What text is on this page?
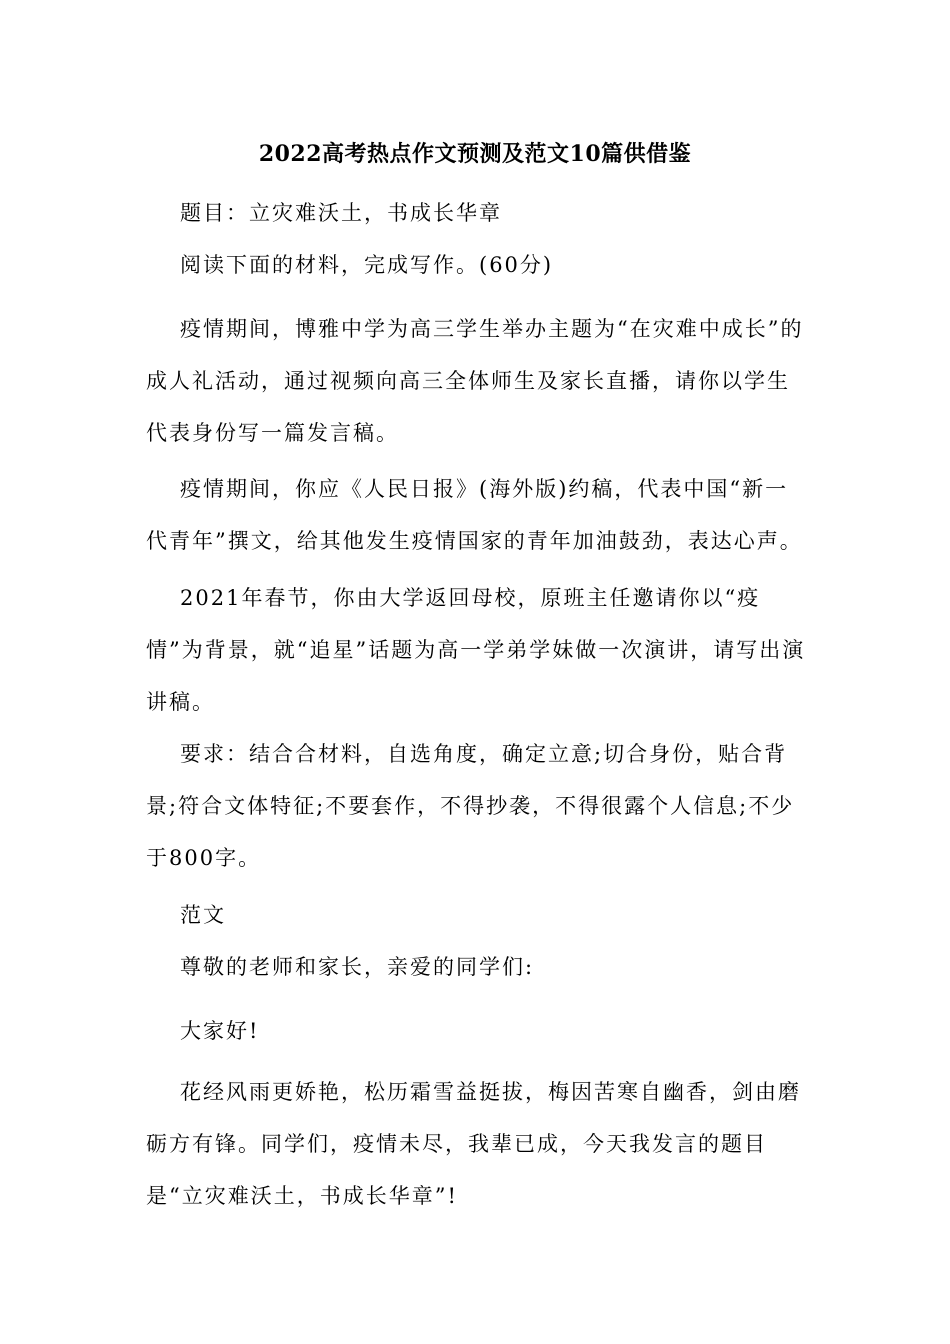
2022高考热点作文预测及范文10篇供借鉴
题目：立灾难沃土，书成长华章
阅读下面的材料，完成写作。(60分)
疫情期间，博雅中学为高三学生举办主题为“在灾难中成长”的成人礼活动，通过视频向高三全体师生及家长直播，请你以学生代表身份写一篇发言稿。
疫情期间，你应《人民日报》(海外版)约稿，代表中国“新一代青年”撰文，给其他发生疫情国家的青年加油鼓劲，表达心声。
2021年春节，你由大学返回母校，原班主任邀请你以“疫情”为背景，就“追星”话题为高一学弟学妹做一次演讲，请写出演讲稿。
要求：结合合材料，自选角度，确定立意;切合身份，贴合背景;符合文体特征;不要套作，不得抄袭，不得很露个人信息;不少于800字。
范文
尊敬的老师和家长，亲爱的同学们:
大家好!
花经风雨更娇艳，松历霜雪益挺拔，梅因苦寒自幽香，剑由磨砺方有锋。同学们，疫情未尽，我辈已成，今天我发言的题目是“立灾难沃土，书成长华章”!
